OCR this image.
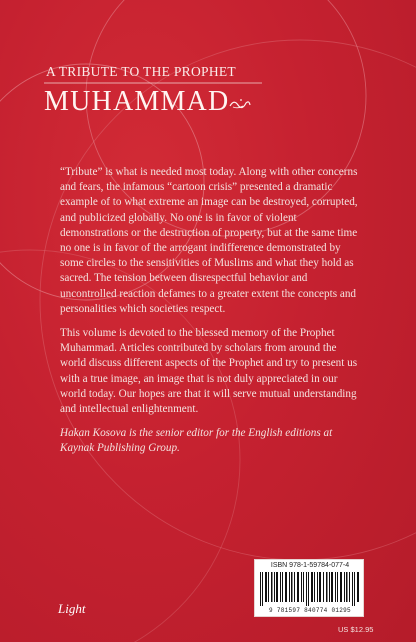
A TRIBUTE TO THE PROPHET
MUHAMMAD

“Tribute” is what is needed most today. Along with other concerns and fears, the infamous “cartoon crisis” presented a dramatic example of to what extreme an image can be destroyed, corrupted, and publicized globally. No one is in favor of violent demonstrations or the destruction of property, but at the same time no one is in favor of the arrogant indifference demonstrated by some circles to the sensitivities of Muslims and what they hold as sacred. The tension between disrespectful behavior and uncontrolled reaction defames to a greater extent the concepts and personalities which societies respect.

This volume is devoted to the blessed memory of the Prophet Muhammad. Articles contributed by scholars from around the world discuss different aspects of the Prophet and try to present us with a true image, an image that is not duly appreciated in our world today. Our hopes are that it will serve mutual understanding and intellectual enlightenment.

Hakan Kosova is the senior editor for the English editions at Kaynak Publishing Group.

ISBN 978-1-59784-077-4
9 781597 840774 01295
Light
US $12.95
